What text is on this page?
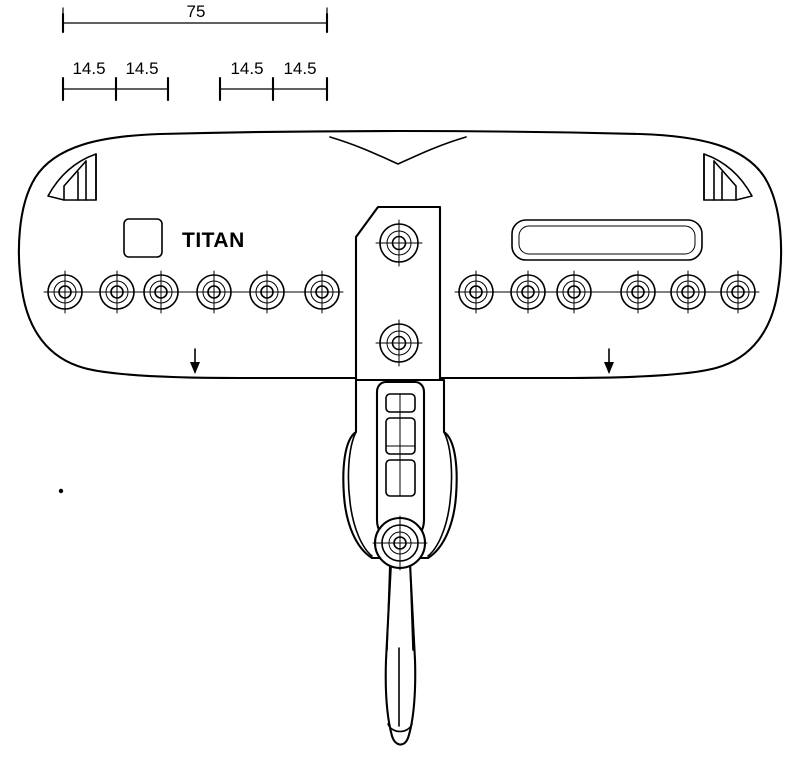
75
14.5 14.5	14.5 14.5
TITAN
